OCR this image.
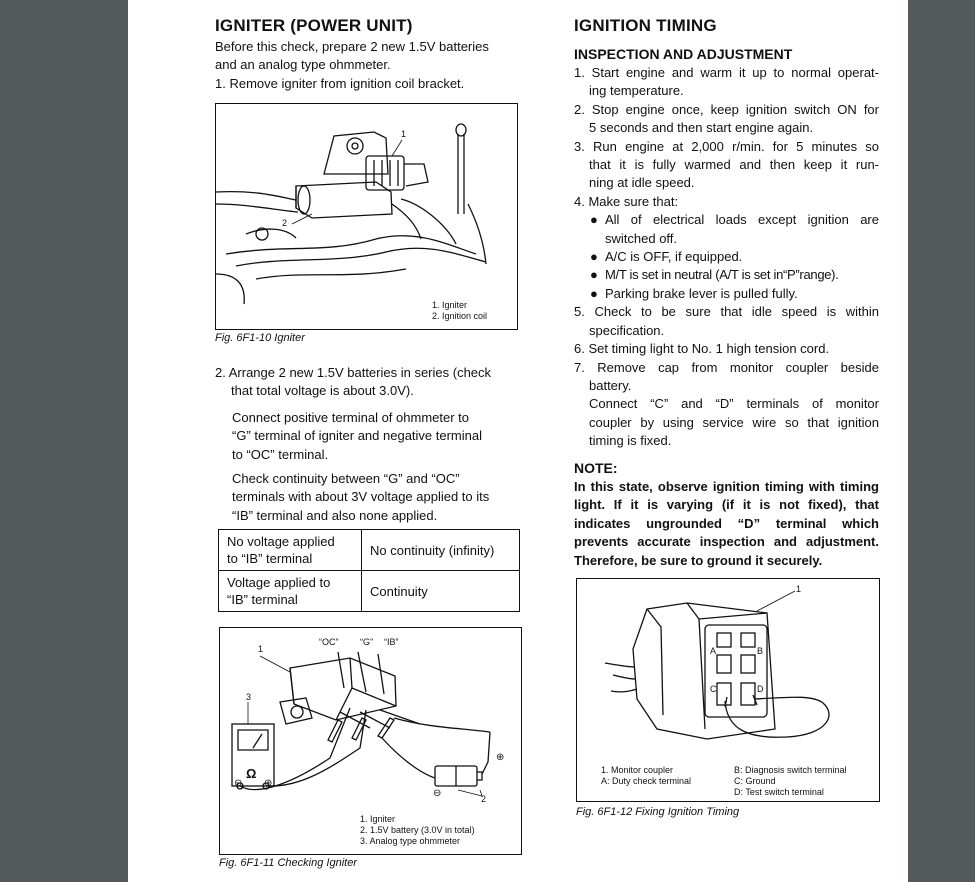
IGNITER (POWER UNIT)
Before this check, prepare 2 new 1.5V batteries
and an analog type ohmmeter.
1. Remove igniter from ignition coil bracket.
1
2
1. Igniter
2. Ignition coil
Fig. 6F1-10 Igniter
2. Arrange 2 new 1.5V batteries in series (check
that total voltage is about 3.0V).
Connect positive terminal of ohmmeter to
“G” terminal of igniter and negative terminal
to “OC” terminal.
Check continuity between “G” and “OC”
terminals with about 3V voltage applied to its
“IB” terminal and also none applied.
No voltage applied
to “IB” terminal	No continuity (infinity)

Voltage applied to
“IB” terminal	Continuity
“OC” “G” “IB”
1
3
2
Ω
⊖ ⊕
⊕
⊖
1. Igniter
2. 1.5V battery (3.0V in total)
3. Analog type ohmmeter
Fig. 6F1-11 Checking Igniter
IGNITION TIMING
INSPECTION AND ADJUSTMENT
1. Start engine and warm it up to normal operat-
ing temperature.
2. Stop engine once, keep ignition switch ON for
5 seconds and then start engine again.
3. Run engine at 2,000 r/min. for 5 minutes so
that it is fully warmed and then keep it run-
ning at idle speed.
4. Make sure that:
● All of electrical loads except ignition are
switched off.
● A/C is OFF, if equipped.
● M/T is set in neutral (A/T is set in“P”range).
● Parking brake lever is pulled fully.
5. Check to be sure that idle speed is within
specification.
6. Set timing light to No. 1 high tension cord.
7. Remove cap from monitor coupler beside
battery.
Connect “C” and “D” terminals of monitor
coupler by using service wire so that ignition
timing is fixed.
NOTE:
In this state, observe ignition timing with timing
light. If it is varying (if it is not fixed), that
indicates ungrounded “D” terminal which
prevents accurate inspection and adjustment.
Therefore, be sure to ground it securely.
1
A	B
C	D
1. Monitor coupler
A: Duty check terminal
B: Diagnosis switch terminal
C: Ground
D: Test switch terminal
Fig. 6F1-12 Fixing Ignition Timing
